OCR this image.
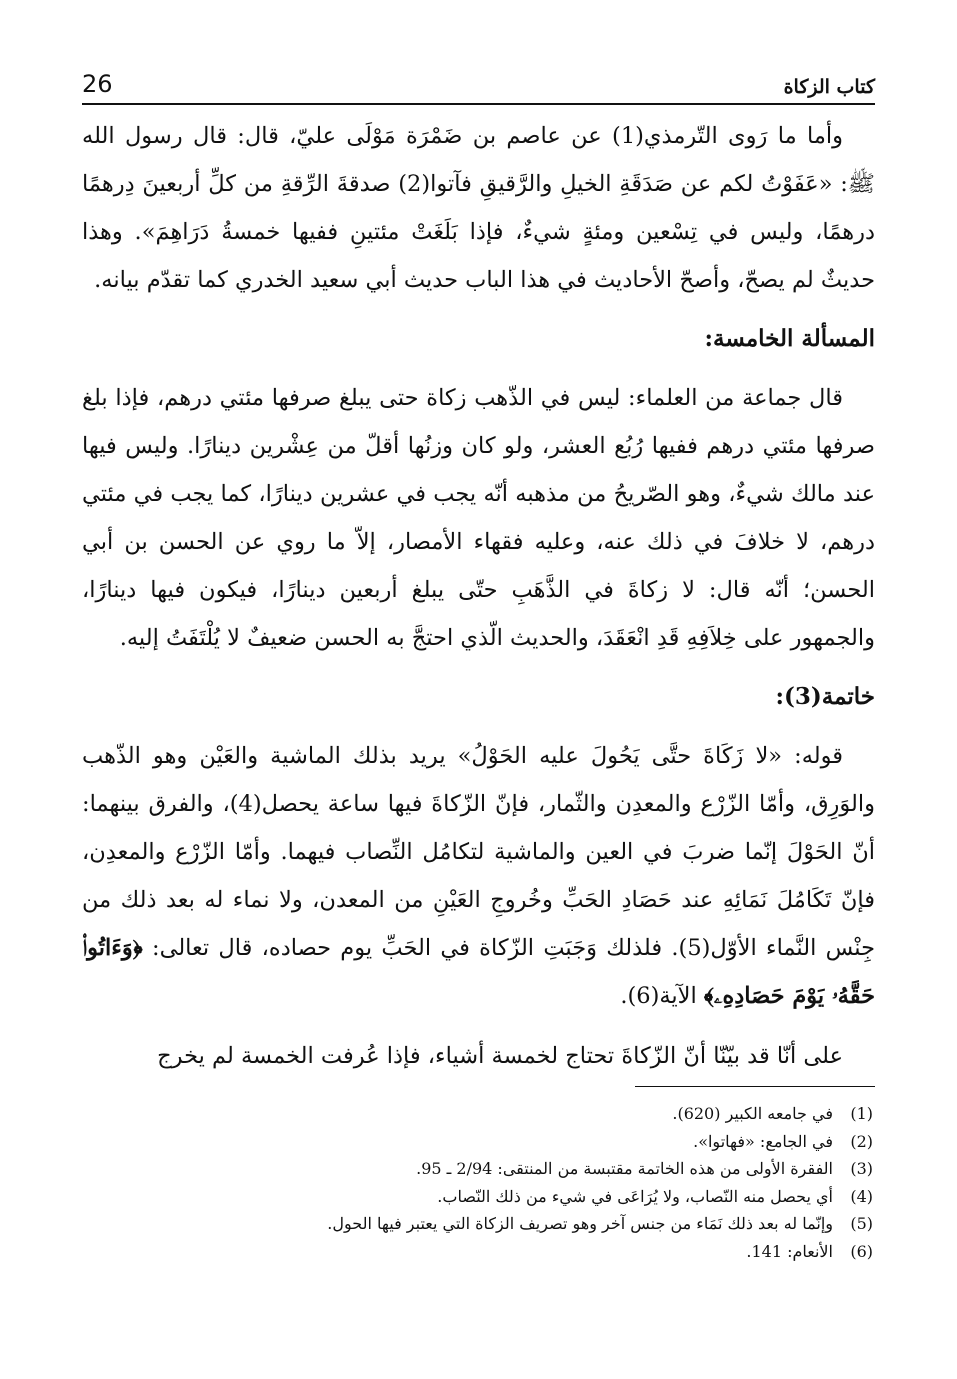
26	كتاب الزكاة

وأما ما رَوى التّرمذي(1) عن عاصم بن ضَمْرَة مَوْلَى عليّ، قال: قال رسول الله ﷺ: «عَفَوْتُ لكم عن صَدَقَةِ الخيلِ والرَّقيقِ فآتوا(2) صدقةَ الرِّقةِ من كلِّ أربعينَ دِرهمًا درهمًا، وليس في تِسْعين ومئةٍ شيءٌ، فإذا بَلَغَتْ مئتينِ ففيها خمسةُ دَرَاهِمَ». وهذا حديثٌ لم يصحّ، وأصحّ الأحاديث في هذا الباب حديث أبي سعيد الخدري كما تقدّم بيانه.

المسألة الخامسة:

قال جماعة من العلماء: ليس في الذّهب زكاة حتى يبلغ صرفها مئتي درهم، فإذا بلغ صرفها مئتي درهم ففيها رُبُع العشر، ولو كان وزنُها أقلّ من عِشْرين دينارًا. وليس فيها عند مالك شيءٌ، وهو الصّريحُ من مذهبه أنّه يجب في عشرين دينارًا، كما يجب في مئتي درهم، لا خلافَ في ذلك عنه، وعليه فقهاء الأمصار، إلاّ ما روي عن الحسن بن أبي الحسن؛ أنّه قال: لا زكاةَ في الذَّهَبِ حتّى يبلغ أربعين دينارًا، فيكون فيها دينارًا، والجمهور على خِلاَفِهِ قَدِ انْعَقَدَ، والحديث الّذي احتجَّ به الحسن ضعيفٌ لا يُلْتَفَتُ إليه.

خاتمة(3):

قوله: «لا زَكَاةَ حتَّى يَحُولَ عليه الحَوْلُ» يريد بذلك الماشية والعَيْن وهو الذّهب والوَرِق، وأمّا الزّرْع والمعدِن والثّمار، فإنّ الزّكاةَ فيها ساعة يحصل(4)، والفرق بينهما: أنّ الحَوْلَ إنّما ضربَ في العين والماشية لتكامُل النِّصاب فيهما. وأمّا الزّرْع والمعدِن، فإنّ تَكَامُلَ نَمَائِهِ عند حَصَادِ الحَبِّ وخُروجِ العَيْنِ من المعدن، ولا نماء له بعد ذلك من جِنْس النَّماء الأوّل(5). فلذلك وَجَبَتِ الزّكاة في الحَبِّ يوم حصاده، قال تعالى: ﴿وَءَاتُوا۟ حَقَّهُۥ يَوْمَ حَصَادِهِۦ﴾ الآية(6).

على أنّا قد بيّنّا أنّ الزّكاةَ تحتاج لخمسة أشياء، فإذا عُرفت الخمسة لم يخرج

(1)
في جامعه الكبير (620).
(2)
في الجامع: «فهاتوا».
(3)
الفقرة الأولى من هذه الخاتمة مقتبسة من المنتقى: 2/94 ـ 95.
(4)
أي يحصل منه النّصاب، ولا يُرَاعَى في شيء من ذلك النّصاب.
(5)
وإنّما له بعد ذلك نَمَاء من جنس آخر وهو تصريف الزكاة التي يعتبر فيها الحول.
(6)
الأنعام: 141.
